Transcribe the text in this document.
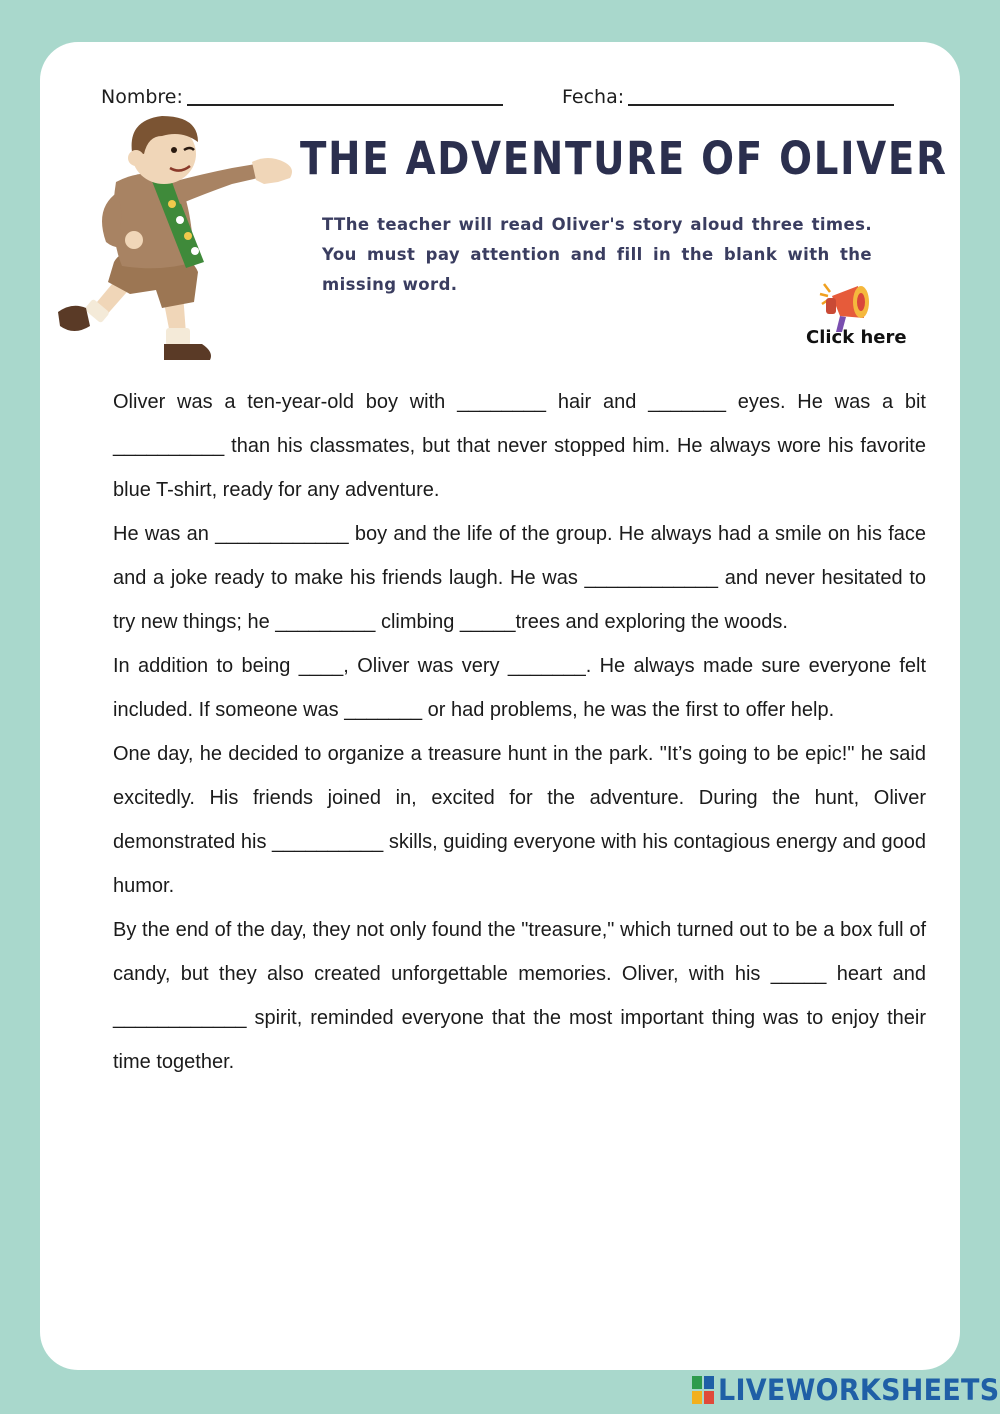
Nombre:	Fecha:
THE ADVENTURE OF OLIVER
TThe teacher will read Oliver's story aloud three times. You must pay attention and fill in the blank with the missing word.
Click here

Oliver was a ten-year-old boy with ________ hair and _______ eyes. He was a bit __________ than his classmates, but that never stopped him. He always wore his favorite blue T-shirt, ready for any adventure.

He was an ____________ boy and the life of the group. He always had a smile on his face and a joke ready to make his friends laugh. He was ____________ and never hesitated to try new things; he _________ climbing _____trees and exploring the woods.

In addition to being ____, Oliver was very _______. He always made sure everyone felt included. If someone was _______ or had problems, he was the first to offer help.

One day, he decided to organize a treasure hunt in the park. "It’s going to be epic!" he said excitedly. His friends joined in, excited for the adventure. During the hunt, Oliver demonstrated his __________ skills, guiding everyone with his contagious energy and good humor.

By the end of the day, they not only found the "treasure," which turned out to be a box full of candy, but they also created unforgettable memories. Oliver, with his _____ heart and ____________ spirit, reminded everyone that the most important thing was to enjoy their time together.

LIVEWORKSHEETS
